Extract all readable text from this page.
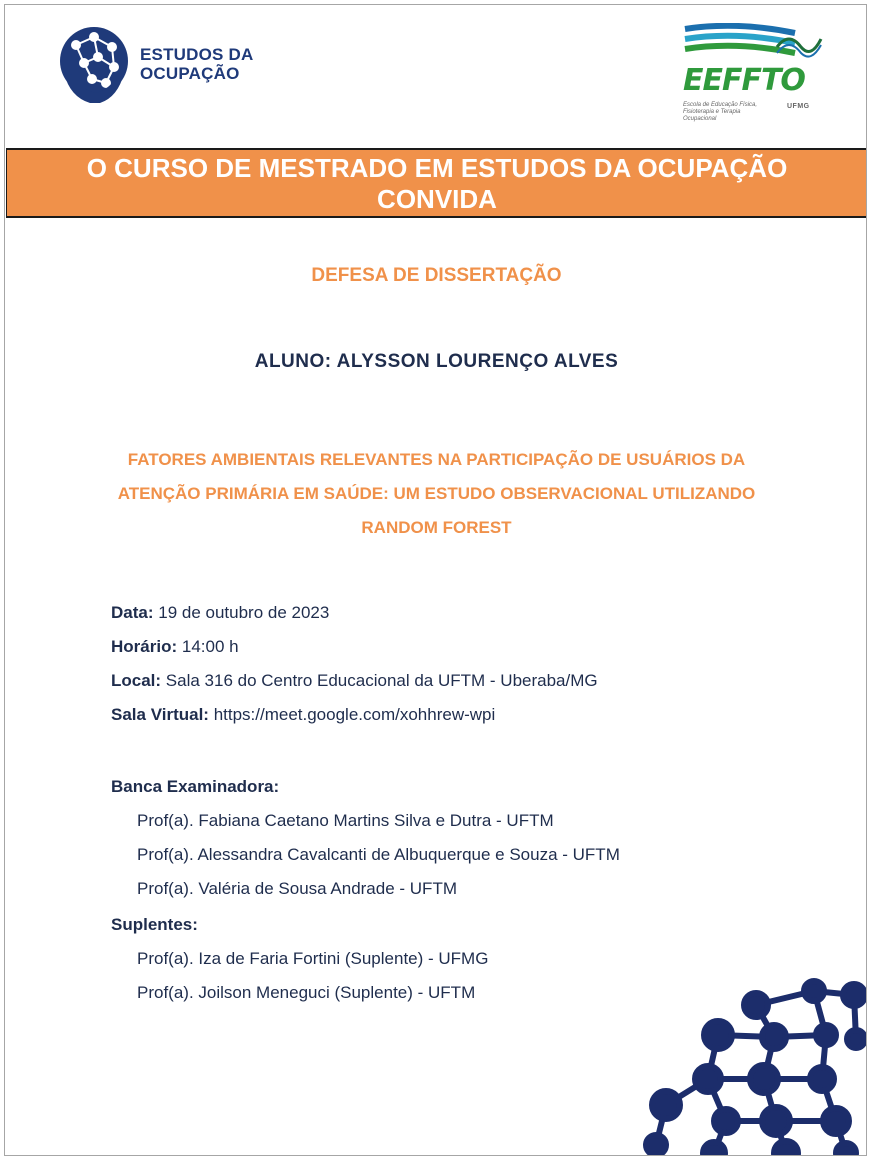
ESTUDOS DA
OCUPAÇÃO	EEFFTO
Escola de Educação Física, Fisioterapia e Terapia Ocupacional
UFMG
O CURSO DE MESTRADO EM ESTUDOS DA OCUPAÇÃO
CONVIDA
DEFESA DE DISSERTAÇÃO
ALUNO: ALYSSON LOURENÇO ALVES
FATORES AMBIENTAIS RELEVANTES NA PARTICIPAÇÃO DE USUÁRIOS DA
ATENÇÃO PRIMÁRIA EM SAÚDE: UM ESTUDO OBSERVACIONAL UTILIZANDO
RANDOM FOREST
Data: 19 de outubro de 2023
Horário: 14:00 h
Local: Sala 316 do Centro Educacional da UFTM - Uberaba/MG
Sala Virtual: https://meet.google.com/xohhrew-wpi
Banca Examinadora:
Prof(a). Fabiana Caetano Martins Silva e Dutra - UFTM
Prof(a). Alessandra Cavalcanti de Albuquerque e Souza - UFTM
Prof(a). Valéria de Sousa Andrade - UFTM
Suplentes:
Prof(a). Iza de Faria Fortini (Suplente) - UFMG
Prof(a). Joilson Meneguci (Suplente) - UFTM
